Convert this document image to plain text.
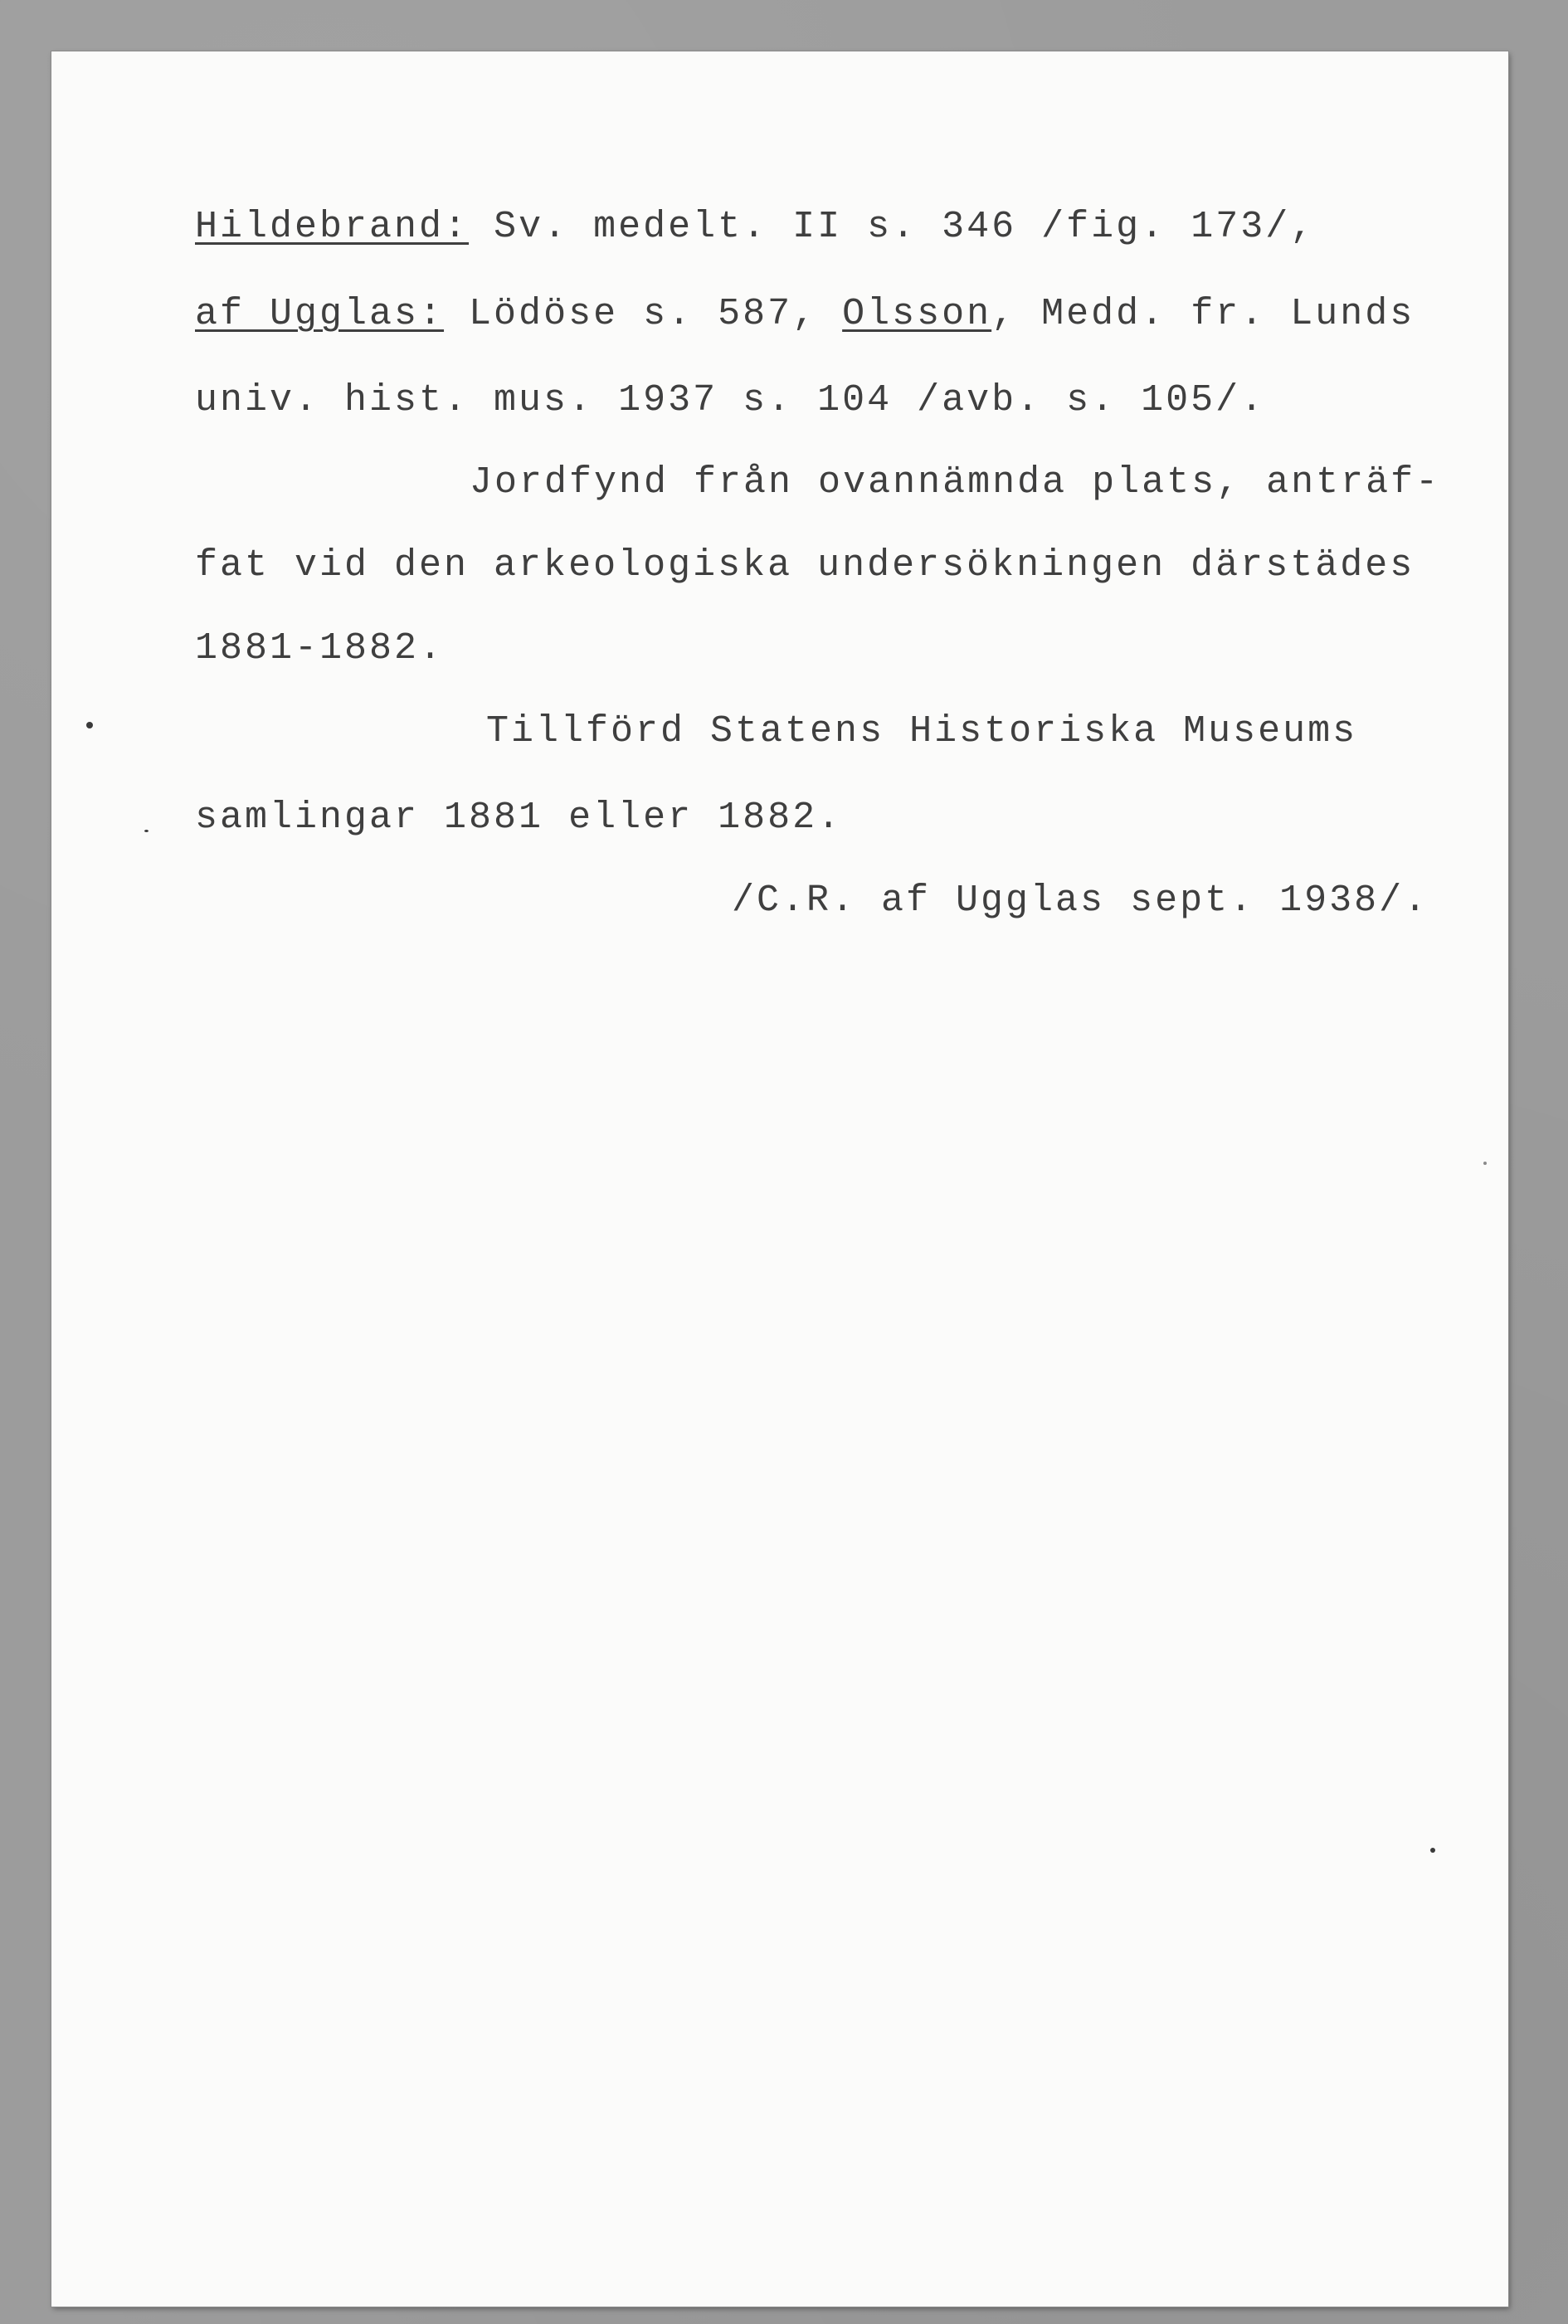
Hildebrand: Sv. medelt. II s. 346 /fig. 173/,
af Ugglas: Lödöse s. 587, Olsson, Medd. fr. Lunds
univ. hist. mus. 1937 s. 104 /avb. s. 105/.
Jordfynd från ovannämnda plats, anträf-
fat vid den arkeologiska undersökningen därstädes
1881-1882.
Tillförd Statens Historiska Museums
samlingar 1881 eller 1882.
/C.R. af Ugglas sept. 1938/.
